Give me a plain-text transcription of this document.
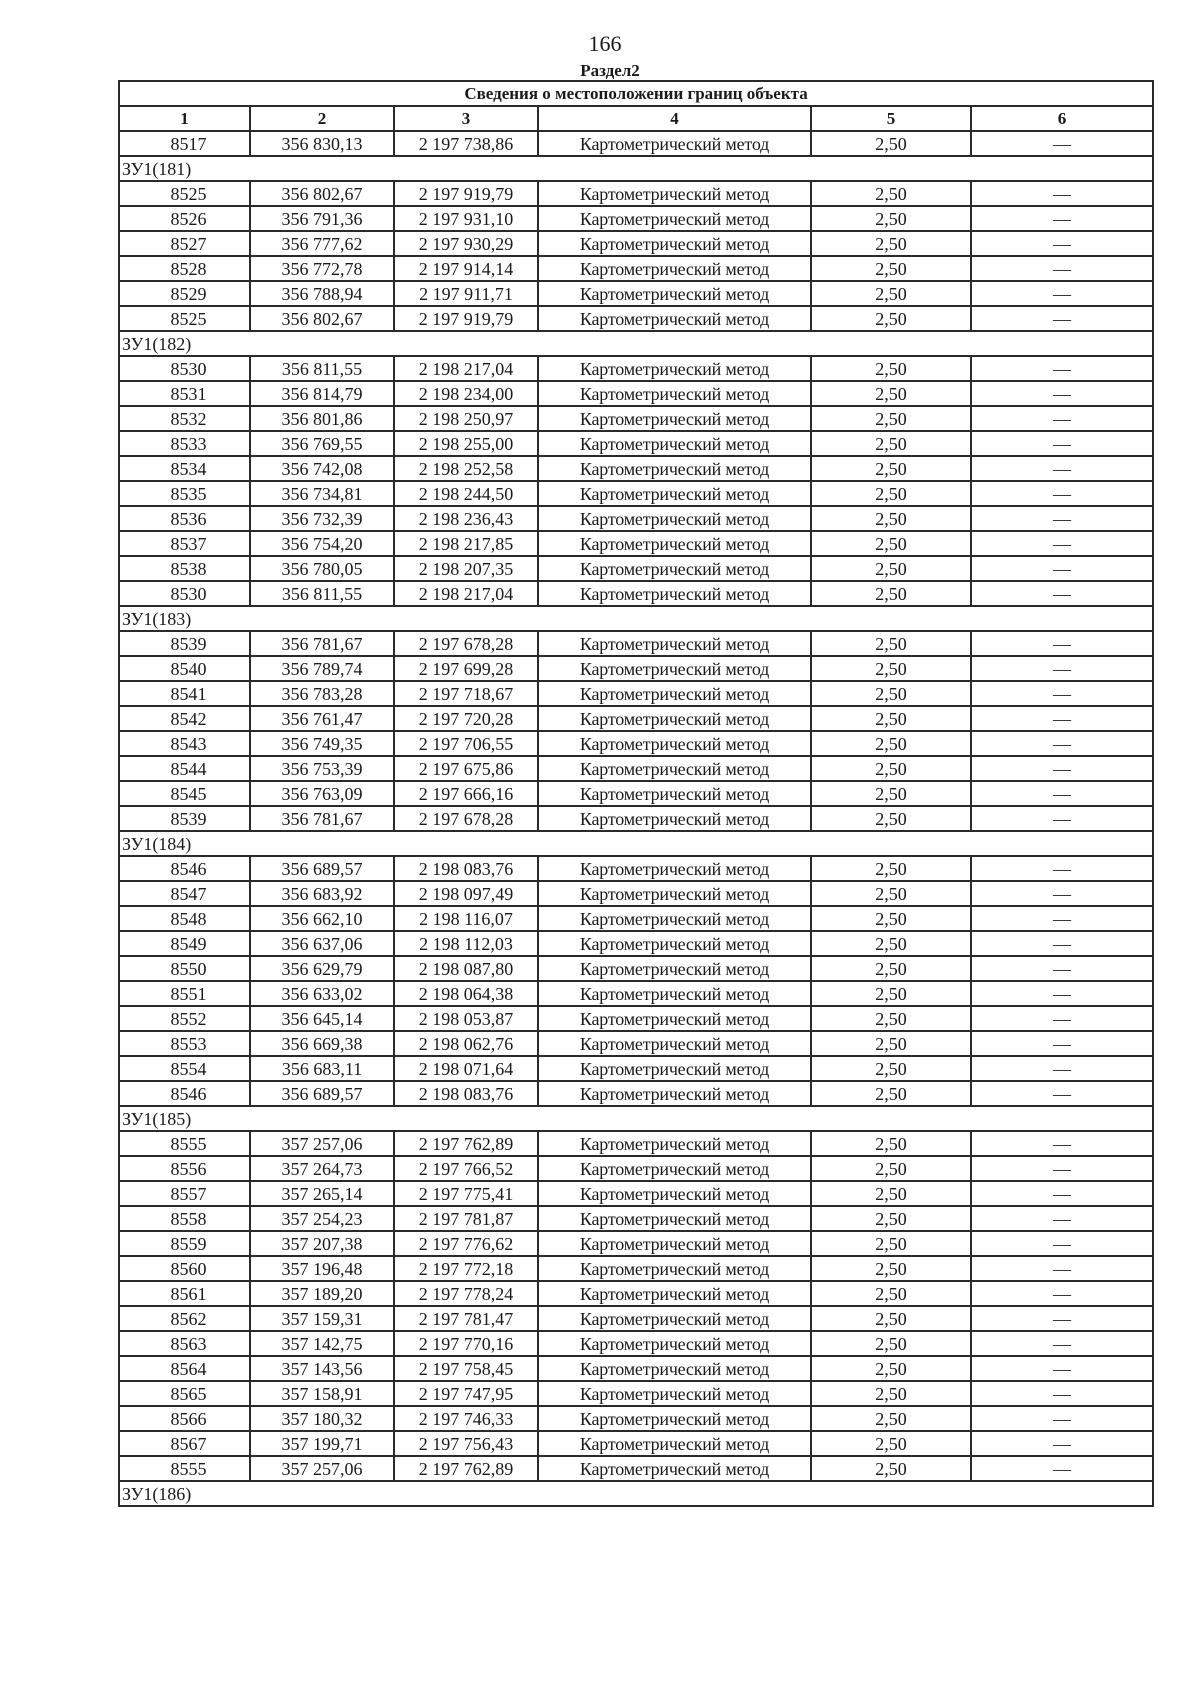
166
Раздел2
Сведения о местоположении границ объекта					
1	2	3	4	5	6
8517	356 830,13	2 197 738,86	Картометрический метод	2,50	—
ЗУ1(181)					
8525	356 802,67	2 197 919,79	Картометрический метод	2,50	—
8526	356 791,36	2 197 931,10	Картометрический метод	2,50	—
8527	356 777,62	2 197 930,29	Картометрический метод	2,50	—
8528	356 772,78	2 197 914,14	Картометрический метод	2,50	—
8529	356 788,94	2 197 911,71	Картометрический метод	2,50	—
8525	356 802,67	2 197 919,79	Картометрический метод	2,50	—
ЗУ1(182)					
8530	356 811,55	2 198 217,04	Картометрический метод	2,50	—
8531	356 814,79	2 198 234,00	Картометрический метод	2,50	—
8532	356 801,86	2 198 250,97	Картометрический метод	2,50	—
8533	356 769,55	2 198 255,00	Картометрический метод	2,50	—
8534	356 742,08	2 198 252,58	Картометрический метод	2,50	—
8535	356 734,81	2 198 244,50	Картометрический метод	2,50	—
8536	356 732,39	2 198 236,43	Картометрический метод	2,50	—
8537	356 754,20	2 198 217,85	Картометрический метод	2,50	—
8538	356 780,05	2 198 207,35	Картометрический метод	2,50	—
8530	356 811,55	2 198 217,04	Картометрический метод	2,50	—
ЗУ1(183)					
8539	356 781,67	2 197 678,28	Картометрический метод	2,50	—
8540	356 789,74	2 197 699,28	Картометрический метод	2,50	—
8541	356 783,28	2 197 718,67	Картометрический метод	2,50	—
8542	356 761,47	2 197 720,28	Картометрический метод	2,50	—
8543	356 749,35	2 197 706,55	Картометрический метод	2,50	—
8544	356 753,39	2 197 675,86	Картометрический метод	2,50	—
8545	356 763,09	2 197 666,16	Картометрический метод	2,50	—
8539	356 781,67	2 197 678,28	Картометрический метод	2,50	—
ЗУ1(184)					
8546	356 689,57	2 198 083,76	Картометрический метод	2,50	—
8547	356 683,92	2 198 097,49	Картометрический метод	2,50	—
8548	356 662,10	2 198 116,07	Картометрический метод	2,50	—
8549	356 637,06	2 198 112,03	Картометрический метод	2,50	—
8550	356 629,79	2 198 087,80	Картометрический метод	2,50	—
8551	356 633,02	2 198 064,38	Картометрический метод	2,50	—
8552	356 645,14	2 198 053,87	Картометрический метод	2,50	—
8553	356 669,38	2 198 062,76	Картометрический метод	2,50	—
8554	356 683,11	2 198 071,64	Картометрический метод	2,50	—
8546	356 689,57	2 198 083,76	Картометрический метод	2,50	—
ЗУ1(185)					
8555	357 257,06	2 197 762,89	Картометрический метод	2,50	—
8556	357 264,73	2 197 766,52	Картометрический метод	2,50	—
8557	357 265,14	2 197 775,41	Картометрический метод	2,50	—
8558	357 254,23	2 197 781,87	Картометрический метод	2,50	—
8559	357 207,38	2 197 776,62	Картометрический метод	2,50	—
8560	357 196,48	2 197 772,18	Картометрический метод	2,50	—
8561	357 189,20	2 197 778,24	Картометрический метод	2,50	—
8562	357 159,31	2 197 781,47	Картометрический метод	2,50	—
8563	357 142,75	2 197 770,16	Картометрический метод	2,50	—
8564	357 143,56	2 197 758,45	Картометрический метод	2,50	—
8565	357 158,91	2 197 747,95	Картометрический метод	2,50	—
8566	357 180,32	2 197 746,33	Картометрический метод	2,50	—
8567	357 199,71	2 197 756,43	Картометрический метод	2,50	—
8555	357 257,06	2 197 762,89	Картометрический метод	2,50	—
ЗУ1(186)					
